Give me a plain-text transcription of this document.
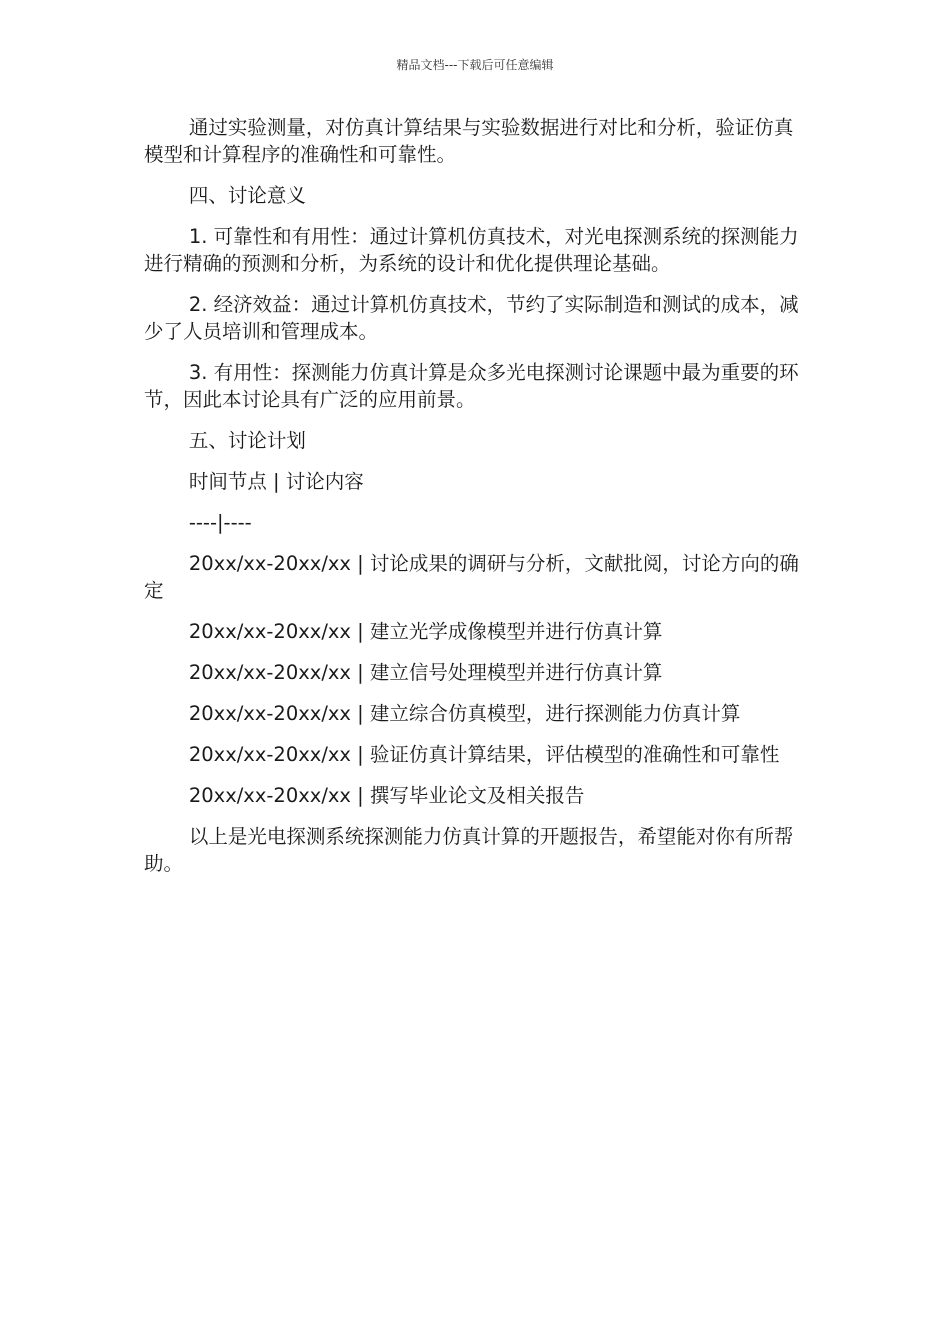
精品文档---下载后可任意编辑

通过实验测量，对仿真计算结果与实验数据进行对比和分析，验证仿真模型和计算程序的准确性和可靠性。

四、讨论意义

1. 可靠性和有用性：通过计算机仿真技术，对光电探测系统的探测能力进行精确的预测和分析，为系统的设计和优化提供理论基础。

2. 经济效益：通过计算机仿真技术，节约了实际制造和测试的成本，减少了人员培训和管理成本。

3. 有用性：探测能力仿真计算是众多光电探测讨论课题中最为重要的环节，因此本讨论具有广泛的应用前景。

五、讨论计划

时间节点 | 讨论内容

----|----

20xx/xx-20xx/xx | 讨论成果的调研与分析，文献批阅，讨论方向的确定

20xx/xx-20xx/xx | 建立光学成像模型并进行仿真计算

20xx/xx-20xx/xx | 建立信号处理模型并进行仿真计算

20xx/xx-20xx/xx | 建立综合仿真模型，进行探测能力仿真计算

20xx/xx-20xx/xx | 验证仿真计算结果，评估模型的准确性和可靠性

20xx/xx-20xx/xx | 撰写毕业论文及相关报告

以上是光电探测系统探测能力仿真计算的开题报告，希望能对你有所帮助。
